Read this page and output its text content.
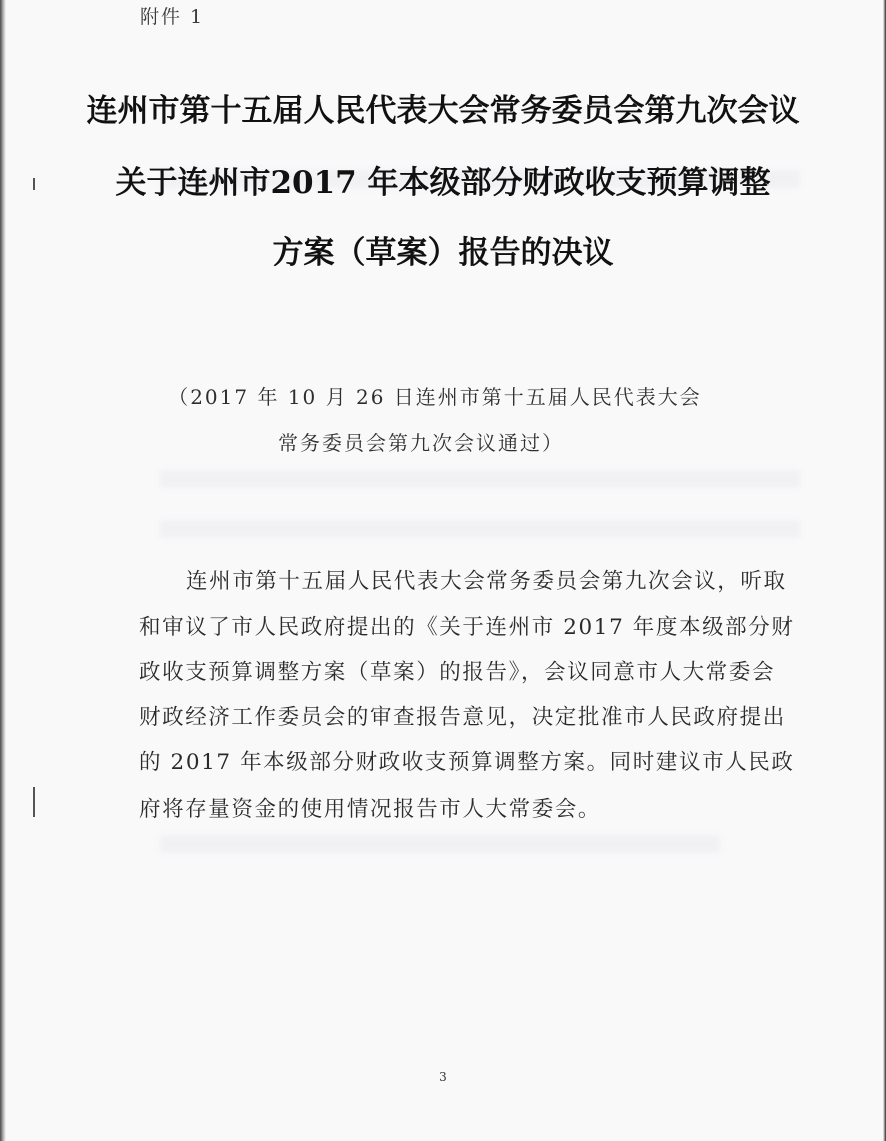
附件 1
连州市第十五届人民代表大会常务委员会第九次会议
关于连州市2017 年本级部分财政收支预算调整
方案（草案）报告的决议
（2017 年 10 月 26 日连州市第十五届人民代表大会
常务委员会第九次会议通过）
连州市第十五届人民代表大会常务委员会第九次会议，听取
和审议了市人民政府提出的《关于连州市 2017 年度本级部分财
政收支预算调整方案（草案）的报告》，会议同意市人大常委会
财政经济工作委员会的审查报告意见，决定批准市人民政府提出
的 2017 年本级部分财政收支预算调整方案。同时建议市人民政
府将存量资金的使用情况报告市人大常委会。
3
